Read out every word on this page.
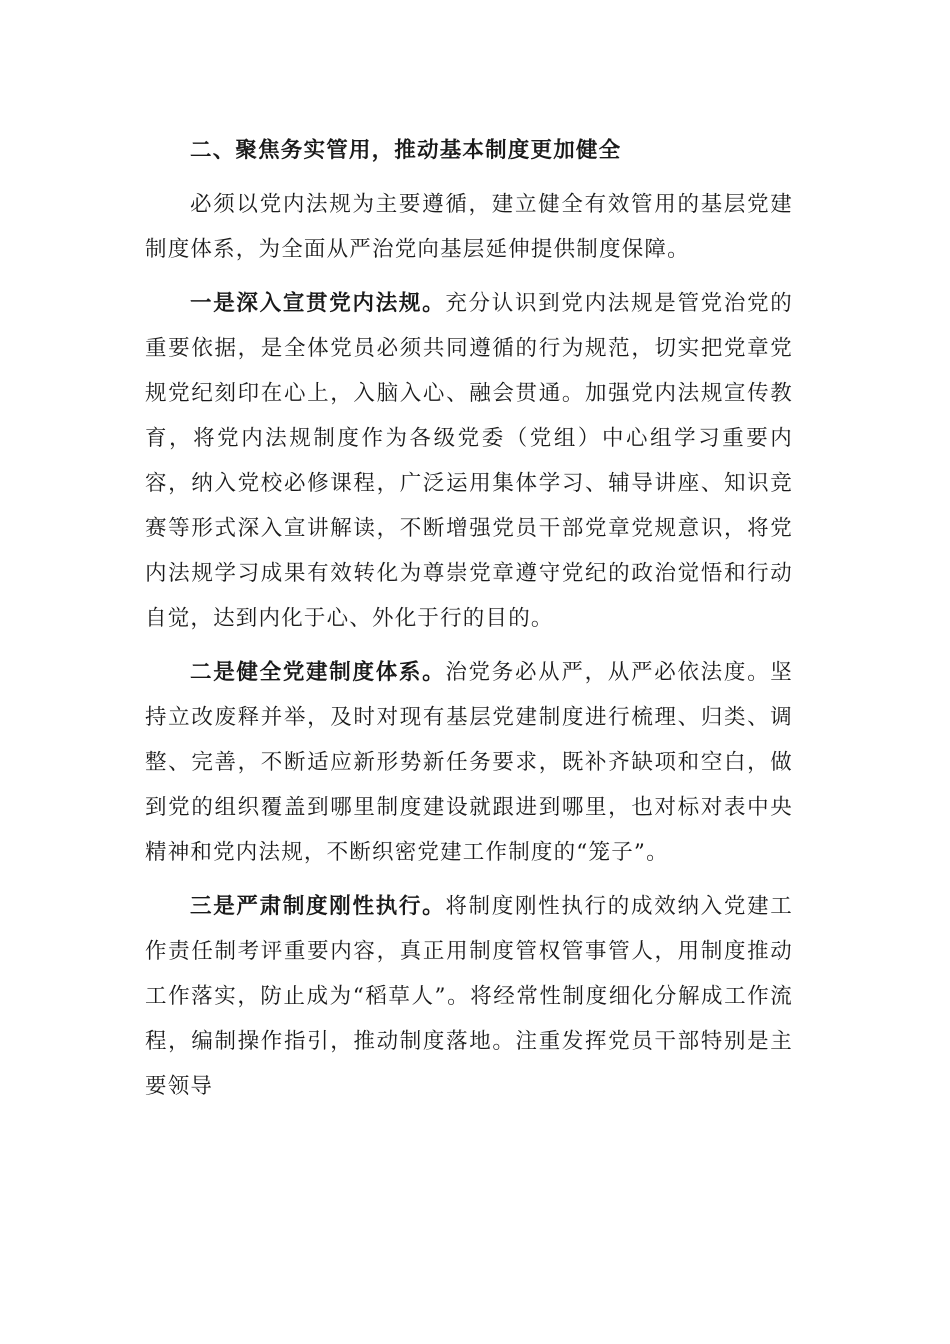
二、聚焦务实管用，推动基本制度更加健全

必须以党内法规为主要遵循，建立健全有效管用的基层党建制度体系，为全面从严治党向基层延伸提供制度保障。

一是深入宣贯党内法规。充分认识到党内法规是管党治党的重要依据，是全体党员必须共同遵循的行为规范，切实把党章党规党纪刻印在心上，入脑入心、融会贯通。加强党内法规宣传教育，将党内法规制度作为各级党委（党组）中心组学习重要内容，纳入党校必修课程，广泛运用集体学习、辅导讲座、知识竞赛等形式深入宣讲解读，不断增强党员干部党章党规意识，将党内法规学习成果有效转化为尊崇党章遵守党纪的政治觉悟和行动自觉，达到内化于心、外化于行的目的。

二是健全党建制度体系。治党务必从严，从严必依法度。坚持立改废释并举，及时对现有基层党建制度进行梳理、归类、调整、完善，不断适应新形势新任务要求，既补齐缺项和空白，做到党的组织覆盖到哪里制度建设就跟进到哪里，也对标对表中央精神和党内法规，不断织密党建工作制度的“笼子”。

三是严肃制度刚性执行。将制度刚性执行的成效纳入党建工作责任制考评重要内容，真正用制度管权管事管人，用制度推动工作落实，防止成为“稻草人”。将经常性制度细化分解成工作流程，编制操作指引，推动制度落地。注重发挥党员干部特别是主要领导
